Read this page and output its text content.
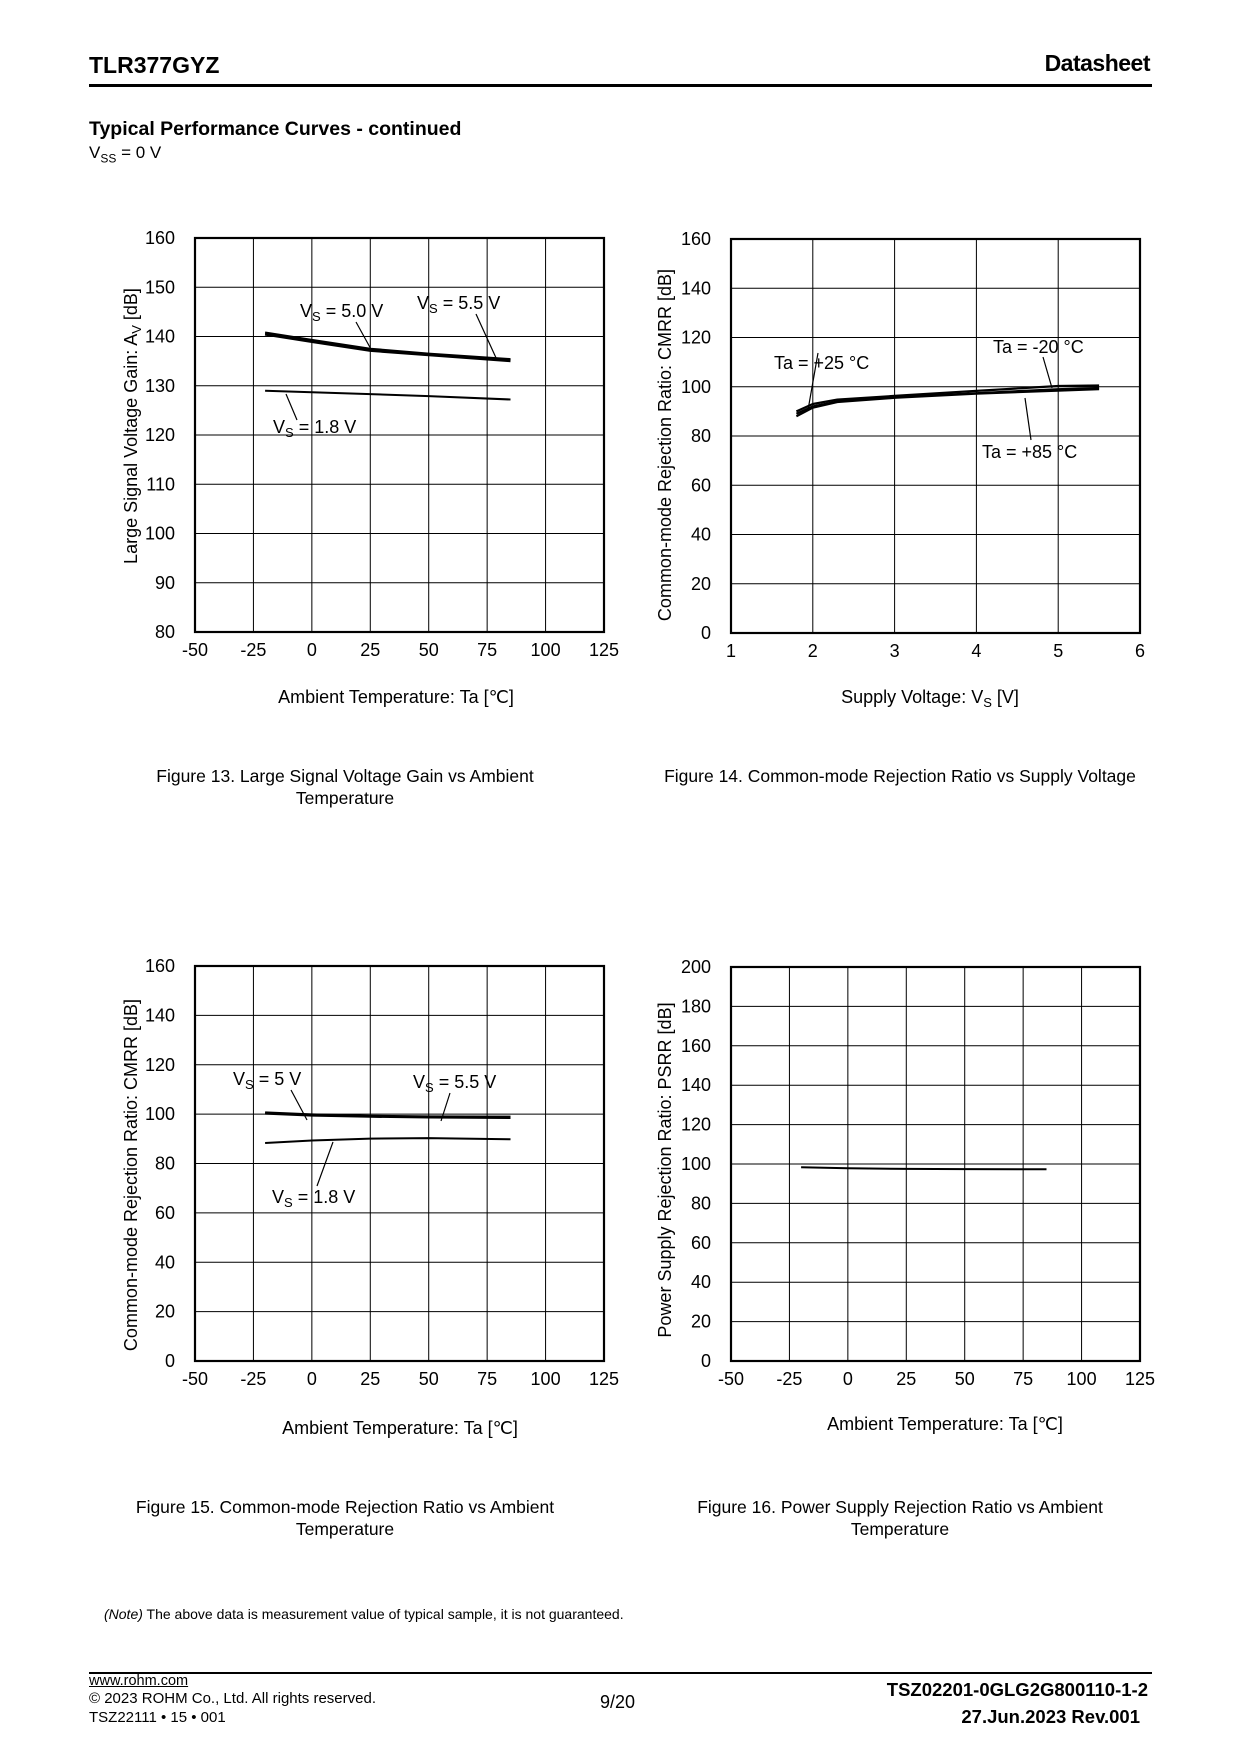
TLR377GYZ	Datasheet
Typical Performance Curves - continued
$V_{SS} = 0$ V
-50 -25 0 25 50 75 100 125
80
90
100
110
120
130
140
150
160
Ambient Temperature: Ta [℃]
Large Signal Voltage Gain: $A_V$ [dB]	$V_S = 5.0$ V $V_S = 5.5$ V
$V_S = 1.8$ V
1	2	3	4	5	6
0
20
40
60
80
100
120
140
160
Supply Voltage: $V_S$ [V]
Common-mode Rejection Ratio: CMRR [dB]	Ta = +25 °C
Ta = -20 °C
Ta = +85 °C
-50 -25 0 25 50 75 100 125
0
20
40
60
80
100
120
140
160
Ambient Temperature: Ta [℃]
Common-mode Rejection Ratio: CMRR [dB]	$V_S = 5$ V	$V_S = 5.5$ V
$V_S = 1.8$ V
-50 -25 0 25 50 75 100 125
0
20
40
60
80
100
120
140
160
180
200
Ambient Temperature: Ta [℃]
Power Supply Rejection Ratio: PSRR [dB]
Figure 13. Large Signal Voltage Gain vs Ambient
Temperature
Figure 14. Common-mode Rejection Ratio vs Supply Voltage
Figure 15. Common-mode Rejection Ratio vs Ambient
Temperature
Figure 16. Power Supply Rejection Ratio vs Ambient
Temperature
(Note) The above data is measurement value of typical sample, it is not guaranteed.
www.rohm.com
© 2023 ROHM Co., Ltd. All rights reserved.
TSZ22111 • 15 • 001
9/20
TSZ02201-0GLG2G800110-1-2
27.Jun.2023 Rev.001
